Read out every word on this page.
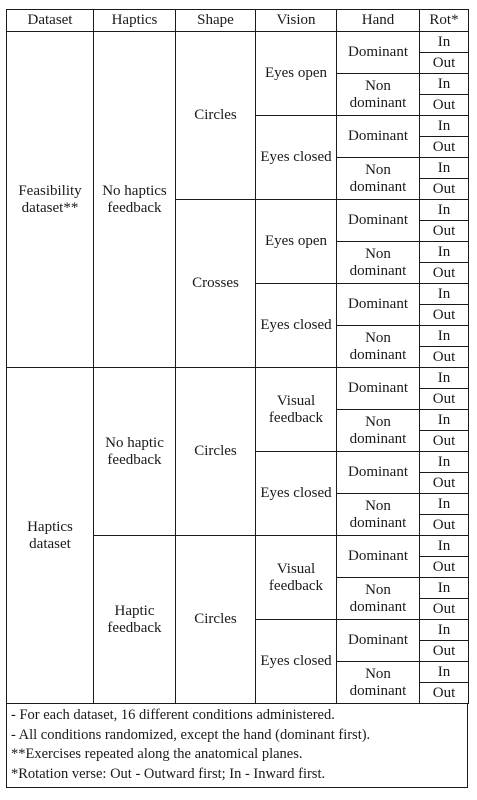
Dataset	Haptics	Shape	Vision	Hand	Rot*
Feasibility dataset**	No haptics feedback	Circles	Eyes open	Dominant	In
					Out
				Non dominant	In
					Out
			Eyes closed	Dominant	In
					Out
				Non dominant	In
					Out
		Crosses	Eyes open	Dominant	In
					Out
				Non dominant	In
					Out
			Eyes closed	Dominant	In
					Out
				Non dominant	In
					Out
Haptics dataset	No haptic feedback	Circles	Visual feedback	Dominant	In
					Out
				Non dominant	In
					Out
			Eyes closed	Dominant	In
					Out
				Non dominant	In
					Out
	Haptic feedback	Circles	Visual feedback	Dominant	In
					Out
				Non dominant	In
					Out
			Eyes closed	Dominant	In
					Out
				Non dominant	In
					Out
- For each dataset, 16 different conditions administered.
- All conditions randomized, except the hand (dominant first).
**Exercises repeated along the anatomical planes.
*Rotation verse: Out - Outward first; In - Inward first.
